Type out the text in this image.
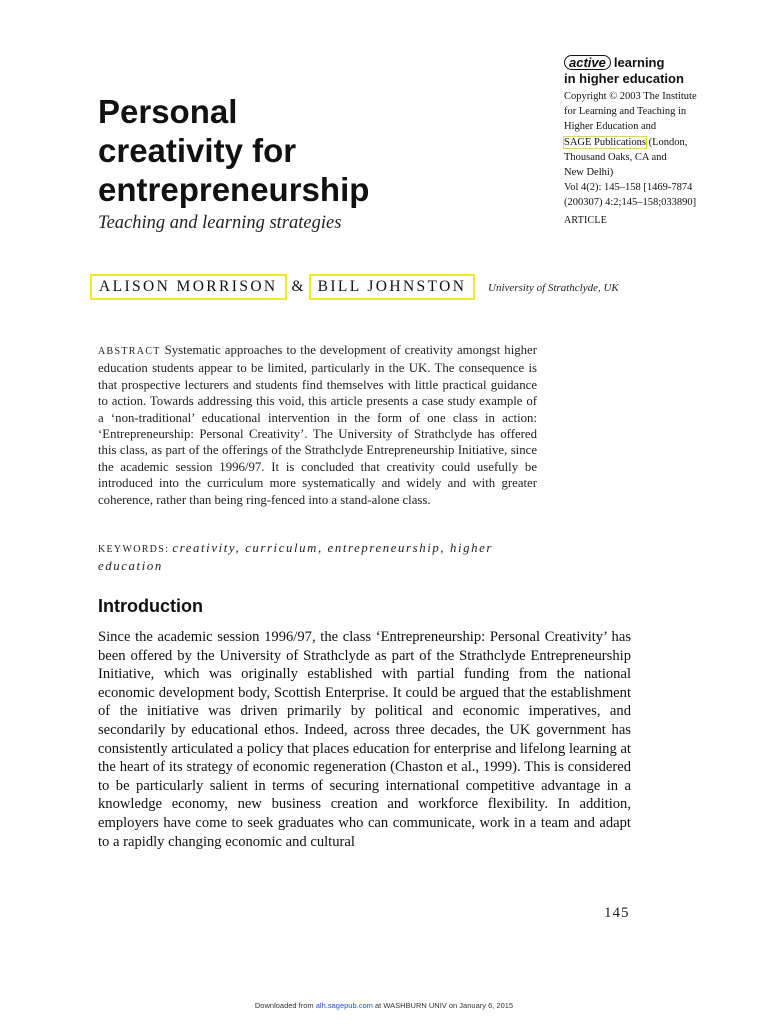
active learning
in higher education
Copyright © 2003 The Institute
for Learning and Teaching in
Higher Education and
SAGE Publications (London,
Thousand Oaks, CA and
New Delhi)
Vol 4(2): 145–158 [1469-7874
(200307) 4:2;145–158;033890]
ARTICLE
Personal
creativity for
entrepreneurship
Teaching and learning strategies
ALISON MORRISON & BILL JOHNSTON	University of Strathclyde, UK
ABSTRACT Systematic approaches to the development of creativity amongst higher education students appear to be limited, particularly in the UK. The consequence is that prospective lecturers and students find themselves with little practical guidance to action. Towards addressing this void, this article presents a case study example of a ‘non-traditional’ educational intervention in the form of one class in action: ‘Entrepreneurship: Personal Creativity’. The University of Strathclyde has offered this class, as part of the offerings of the Strathclyde Entrepreneurship Initiative, since the academic session 1996/97. It is concluded that creativity could usefully be introduced into the curriculum more systematically and widely and with greater coherence, rather than being ring-fenced into a stand-alone class.
KEYWORDS: creativity, curriculum, entrepreneurship, higher education
Introduction
Since the academic session 1996/97, the class ‘Entrepreneurship: Personal Creativity’ has been offered by the University of Strathclyde as part of the Strathclyde Entrepreneurship Initiative, which was originally established with partial funding from the national economic development body, Scottish Enterprise. It could be argued that the establishment of the initiative was driven primarily by political and economic imperatives, and secondarily by educational ethos. Indeed, across three decades, the UK government has consistently articulated a policy that places education for enterprise and lifelong learning at the heart of its strategy of economic regeneration (Chaston et al., 1999). This is considered to be particularly salient in terms of securing international competitive advantage in a knowledge economy, new business creation and workforce flexibility. In addition, employers have come to seek graduates who can communicate, work in a team and adapt to a rapidly changing economic and cultural
145
Downloaded from alh.sagepub.com at WASHBURN UNIV on January 6, 2015
